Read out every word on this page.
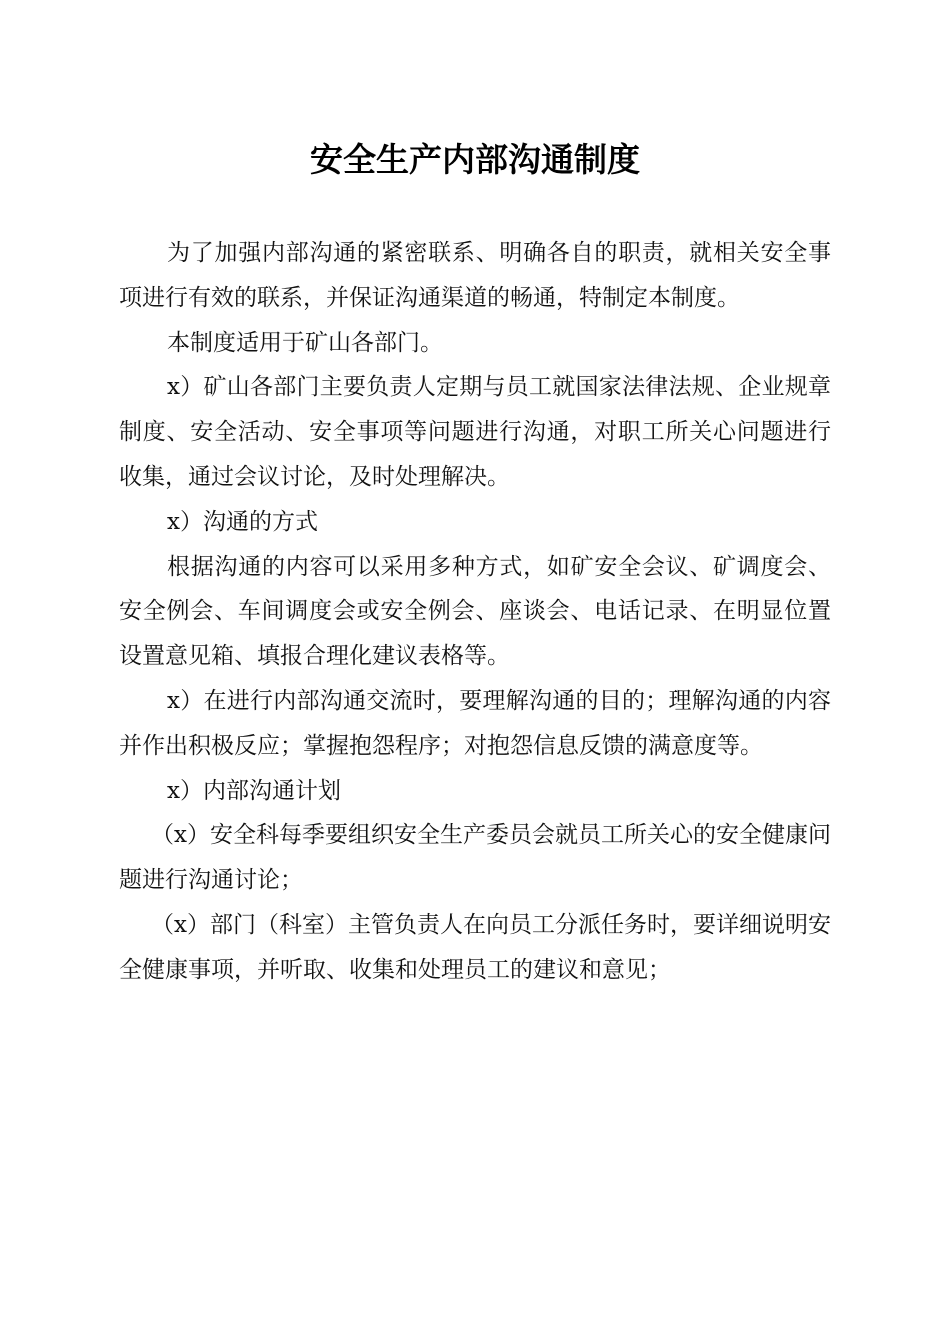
安全生产内部沟通制度

为了加强内部沟通的紧密联系、明确各自的职责，就相关安全事项进行有效的联系，并保证沟通渠道的畅通，特制定本制度。

本制度适用于矿山各部门。

x）矿山各部门主要负责人定期与员工就国家法律法规、企业规章制度、安全活动、安全事项等问题进行沟通，对职工所关心问题进行收集，通过会议讨论，及时处理解决。

x）沟通的方式

根据沟通的内容可以采用多种方式，如矿安全会议、矿调度会、安全例会、车间调度会或安全例会、座谈会、电话记录、在明显位置设置意见箱、填报合理化建议表格等。

x）在进行内部沟通交流时，要理解沟通的目的；理解沟通的内容并作出积极反应；掌握抱怨程序；对抱怨信息反馈的满意度等。

x）内部沟通计划

（x）安全科每季要组织安全生产委员会就员工所关心的安全健康问题进行沟通讨论；

（x）部门（科室）主管负责人在向员工分派任务时，要详细说明安全健康事项，并听取、收集和处理员工的建议和意见；
